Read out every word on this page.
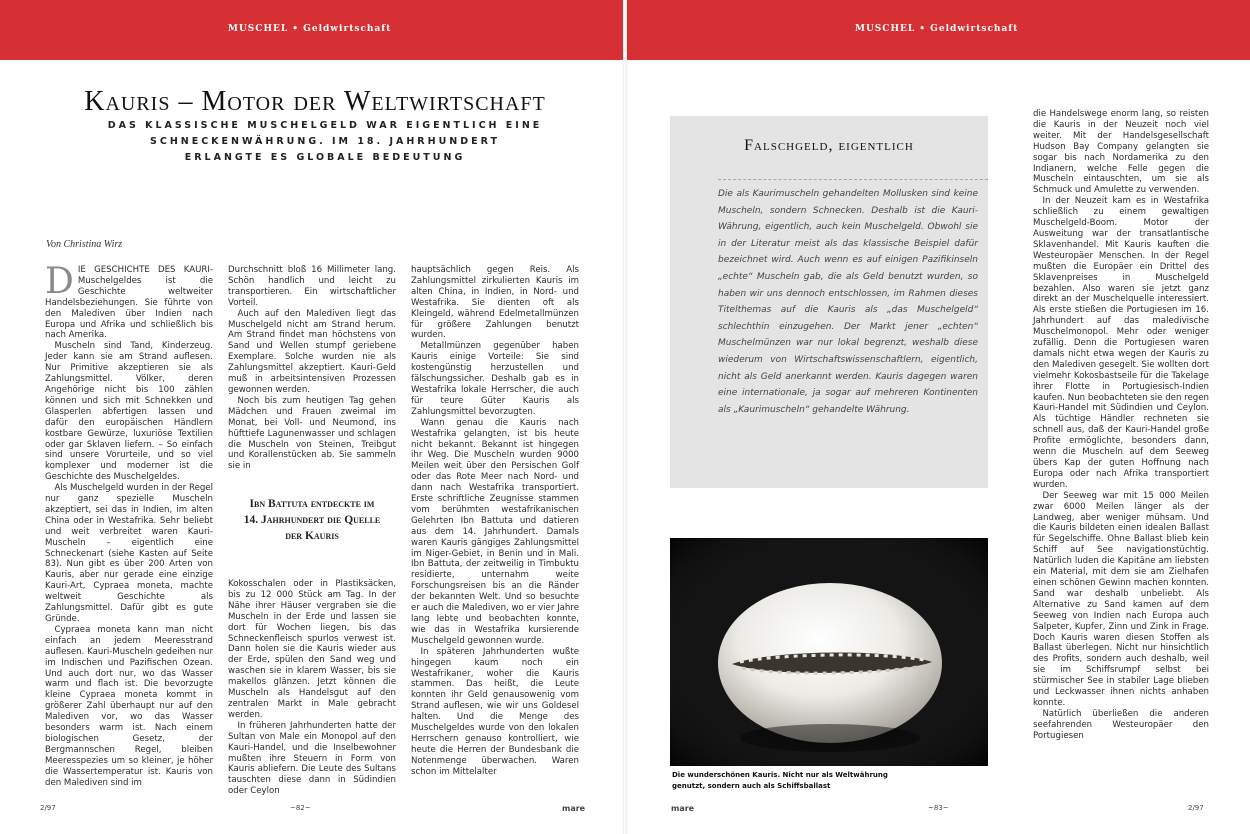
MUSCHEL • Geldwirtschaft	MUSCHEL • Geldwirtschaft
Kauris – Motor der Weltwirtschaft
DAS KLASSISCHE MUSCHELGELD WAR EIGENTLICH EINE
SCHNECKENWÄHRUNG. IM 18. JAHRHUNDERT
ERLANGTE ES GLOBALE BEDEUTUNG
Von Christina Wirz

DIE GESCHICHTE DES KAURI-Muschelgeldes ist die Geschichte weltweiter Handelsbeziehungen. Sie führte von den Malediven über Indien nach Europa und Afrika und schließlich bis nach Amerika.

Muscheln sind Tand, Kinderzeug. Jeder kann sie am Strand auflesen. Nur Primitive akzeptieren sie als Zahlungsmittel. Völker, deren Angehörige nicht bis 100 zählen können und sich mit Schnekken und Glasperlen abfertigen lassen und dafür den europäischen Händlern kostbare Gewürze, luxuriöse Textilien oder gar Sklaven liefern. – So einfach sind unsere Vorurteile, und so viel komplexer und moderner ist die Geschichte des Muschelgeldes.

Als Muschelgeld wurden in der Regel nur ganz spezielle Muscheln akzeptiert, sei das in Indien, im alten China oder in Westafrika. Sehr beliebt und weit verbreitet waren Kauri-Muscheln – eigentlich eine Schneckenart (siehe Kasten auf Seite 83). Nun gibt es über 200 Arten von Kauris, aber nur gerade eine einzige Kauri-Art, Cypraea moneta, machte weltweit Geschichte als Zahlungsmittel. Dafür gibt es gute Gründe.

Cypraea moneta kann man nicht einfach an jedem Meeresstrand auflesen. Kauri-Muscheln gedeihen nur im Indischen und Pazifischen Ozean. Und auch dort nur, wo das Wasser warm und flach ist. Die bevorzugte kleine Cypraea moneta kommt in größerer Zahl überhaupt nur auf den Malediven vor, wo das Wasser besonders warm ist. Nach einem biologischen Gesetz, der Bergmannschen Regel, bleiben Meeresspezies um so kleiner, je höher die Wassertemperatur ist. Kauris von den Malediven sind im

Durchschnitt bloß 16 Millimeter lang. Schön handlich und leicht zu transportieren. Ein wirtschaftlicher Vorteil.

Auch auf den Malediven liegt das Muschelgeld nicht am Strand herum. Am Strand findet man höchstens von Sand und Wellen stumpf geriebene Exemplare. Solche wurden nie als Zahlungsmittel akzeptiert. Kauri-Geld muß in arbeitsintensiven Prozessen gewonnen werden.

Noch bis zum heutigen Tag gehen Mädchen und Frauen zweimal im Monat, bei Voll- und Neumond, ins hüfttiefe Lagunenwasser und schlagen die Muscheln von Steinen, Treibgut und Korallenstücken ab. Sie sammeln sie in

Ibn Battuta entdeckte im 14. Jahrhundert die Quelle der Kauris

Kokosschalen oder in Plastiksäcken, bis zu 12 000 Stück am Tag. In der Nähe ihrer Häuser vergraben sie die Muscheln in der Erde und lassen sie dort für Wochen liegen, bis das Schneckenfleisch spurlos verwest ist. Dann holen sie die Kauris wieder aus der Erde, spülen den Sand weg und waschen sie in klarem Wasser, bis sie makellos glänzen. Jetzt können die Muscheln als Handelsgut auf den zentralen Markt in Male gebracht werden.

In früheren Jahrhunderten hatte der Sultan von Male ein Monopol auf den Kauri-Handel, und die Inselbewohner mußten ihre Steuern in Form von Kauris abliefern. Die Leute des Sultans tauschten diese dann in Südindien oder Ceylon

hauptsächlich gegen Reis. Als Zahlungsmittel zirkulierten Kauris im alten China, in Indien, in Nord- und Westafrika. Sie dienten oft als Kleingeld, während Edelmetallmünzen für größere Zahlungen benutzt wurden.

Metallmünzen gegenüber haben Kauris einige Vorteile: Sie sind kostengünstig herzustellen und fälschungssicher. Deshalb gab es in Westafrika lokale Herrscher, die auch für teure Güter Kauris als Zahlungsmittel bevorzugten.

Wann genau die Kauris nach Westafrika gelangten, ist bis heute nicht bekannt. Bekannt ist hingegen ihr Weg. Die Muscheln wurden 9000 Meilen weit über den Persischen Golf oder das Rote Meer nach Nord- und dann nach Westafrika transportiert. Erste schriftliche Zeugnisse stammen vom berühmten westafrikanischen Gelehrten Ibn Battuta und datieren aus dem 14. Jahrhundert. Damals waren Kauris gängiges Zahlungsmittel im Niger-Gebiet, in Benin und in Mali. Ibn Battuta, der zeitweilig in Timbuktu residierte, unternahm weite Forschungsreisen bis an die Ränder der bekannten Welt. Und so besuchte er auch die Malediven, wo er vier Jahre lang lebte und beobachten konnte, wie das in Westafrika kursierende Muschelgeld gewonnen wurde.

In späteren Jahrhunderten wußte hingegen kaum noch ein Westafrikaner, woher die Kauris stammen. Das heißt, die Leute konnten ihr Geld genausowenig vom Strand auflesen, wie wir uns Goldesel halten. Und die Menge des Muschelgeldes wurde von den lokalen Herrschern genauso kontrolliert, wie heute die Herren der Bundesbank die Notenmenge überwachen. Waren schon im Mittelalter

2/97	~82~	mare
Falschgeld, eigentlich
Die als Kaurimuscheln gehandelten Mollusken sind keine Muscheln, sondern Schnecken. Deshalb ist die Kauri-Währung, eigentlich, auch kein Muschelgeld. Obwohl sie in der Literatur meist als das klassische Beispiel dafür bezeichnet wird. Auch wenn es auf einigen Pazifikinseln „echte“ Muscheln gab, die als Geld benutzt wurden, so haben wir uns dennoch entschlossen, im Rahmen dieses Titelthemas auf die Kauris als „das Muschelgeld“ schlechthin einzugehen. Der Markt jener „echten“ Muschelmünzen war nur lokal begrenzt, weshalb diese wiederum von Wirtschaftswissenschaftlern, eigentlich, nicht als Geld anerkannt werden. Kauris dagegen waren eine internationale, ja sogar auf mehreren Kontinenten als „Kaurimuscheln“ gehandelte Währung.
Die wunderschönen Kauris. Nicht nur als Weltwährung
genutzt, sondern auch als Schiffsballast

die Handelswege enorm lang, so reisten die Kauris in der Neuzeit noch viel weiter. Mit der Handelsgesellschaft Hudson Bay Company gelangten sie sogar bis nach Nordamerika zu den Indianern, welche Felle gegen die Muscheln eintauschten, um sie als Schmuck und Amulette zu verwenden.

In der Neuzeit kam es in Westafrika schließlich zu einem gewaltigen Muschelgeld-Boom. Motor der Ausweitung war der transatlantische Sklavenhandel. Mit Kauris kauften die Westeuropäer Menschen. In der Regel mußten die Europäer ein Drittel des Sklavenpreises in Muschelgeld bezahlen. Also waren sie jetzt ganz direkt an der Muschelquelle interessiert. Als erste stießen die Portugiesen im 16. Jahrhundert auf das maledivische Muschelmonopol. Mehr oder weniger zufällig. Denn die Portugiesen waren damals nicht etwa wegen der Kauris zu den Malediven gesegelt. Sie wollten dort vielmehr Kokosbastseile für die Takelage ihrer Flotte in Portugiesisch-Indien kaufen. Nun beobachteten sie den regen Kauri-Handel mit Südindien und Ceylon. Als tüchtige Händler rechneten sie schnell aus, daß der Kauri-Handel große Profite ermöglichte, besonders dann, wenn die Muscheln auf dem Seeweg übers Kap der guten Hoffnung nach Europa oder nach Afrika transportiert wurden.

Der Seeweg war mit 15 000 Meilen zwar 6000 Meilen länger als der Landweg, aber weniger mühsam. Und die Kauris bildeten einen idealen Ballast für Segelschiffe. Ohne Ballast blieb kein Schiff auf See navigationstüchtig. Natürlich luden die Kapitäne am liebsten ein Material, mit dem sie am Zielhafen einen schönen Gewinn machen konnten. Sand war deshalb unbeliebt. Als Alternative zu Sand kamen auf dem Seeweg von Indien nach Europa auch Salpeter, Kupfer, Zinn und Zink in Frage. Doch Kauris waren diesen Stoffen als Ballast überlegen. Nicht nur hinsichtlich des Profits, sondern auch deshalb, weil sie im Schiffsrumpf selbst bei stürmischer See in stabiler Lage blieben und Leckwasser ihnen nichts anhaben konnte.

Natürlich überließen die anderen seefahrenden Westeuropäer den Portugiesen

mare	~83~	2/97
